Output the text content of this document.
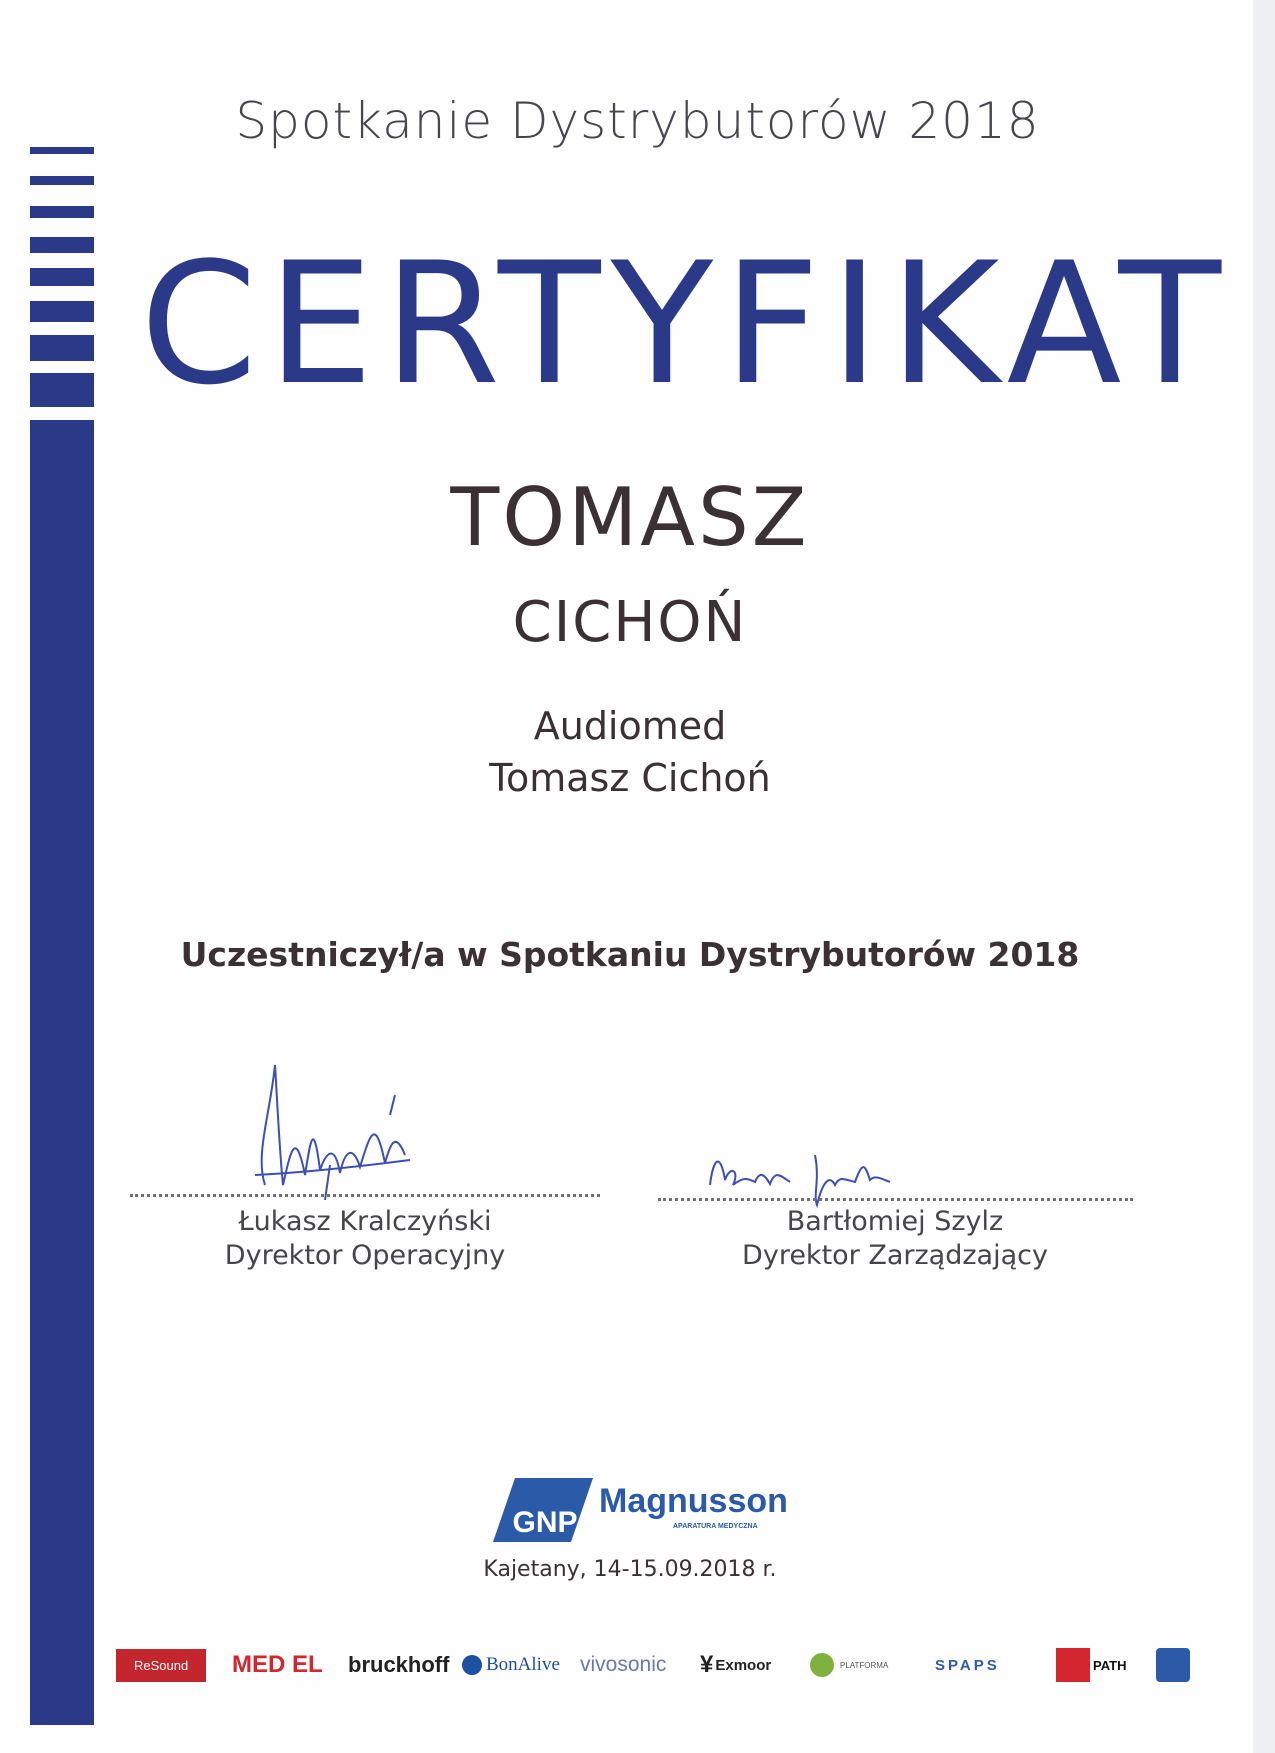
Spotkanie Dystrybutorów 2018
CERTYFIKAT
TOMASZ
CICHOŃ
Audiomed
Tomasz Cichoń
Uczestniczył/a w Spotkaniu Dystrybutorów 2018
Łukasz Kralczyński
Dyrektor Operacyjny
Bartłomiej Szylz
Dyrektor Zarządzający
GNP
Magnusson
APARATURA MEDYCZNA
Kajetany, 14-15.09.2018 r.
ReSound	MED EL bruckhoff BonAlive vivosonic ¥ Exmoor	PLATFORMA	SPAPS	PATH
